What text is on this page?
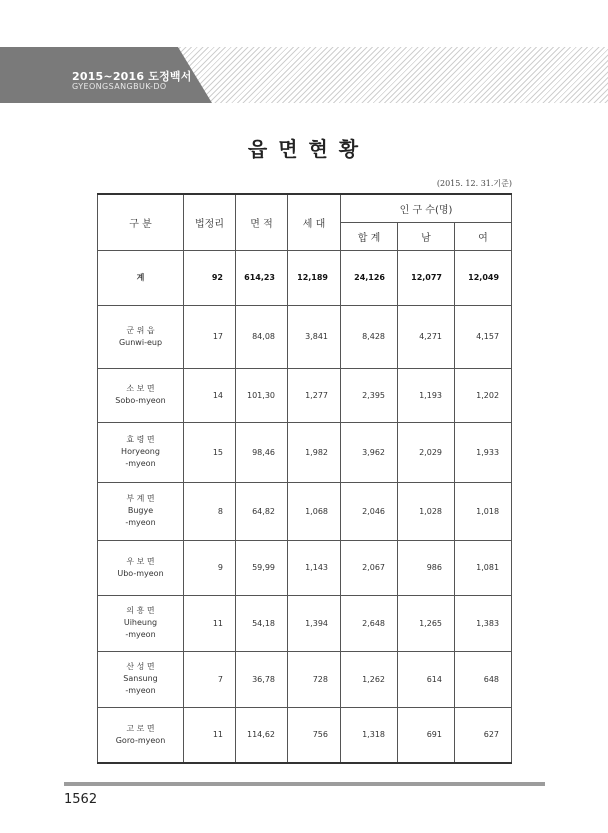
2015~2016 도정백서
GYEONGSANGBUK-DO
읍 면 현 황
(2015. 12. 31.기준)
구 분	법정리	면 적	세 대	인 구 수(명)		
				합 계	남	여

계	92	614,23	12,189	24,126	12,077	12,049

군 위 읍
Gunwi-eup	17	84,08	3,841	8,428	4,271	4,157

소 보 면
Sobo-myeon	14	101,30	1,277	2,395	1,193	1,202

효 령 면
Horyeong
-myeon	15	98,46	1,982	3,962	2,029	1,933

부 계 면
Bugye
-myeon	8	64,82	1,068	2,046	1,028	1,018

우 보 면
Ubo-myeon	9	59,99	1,143	2,067	986	1,081

의 흥 면
Uiheung
-myeon	11	54,18	1,394	2,648	1,265	1,383

산 성 면
Sansung
-myeon	7	36,78	728	1,262	614	648

고 로 면
Goro-myeon	11	114,62	756	1,318	691	627
1562
